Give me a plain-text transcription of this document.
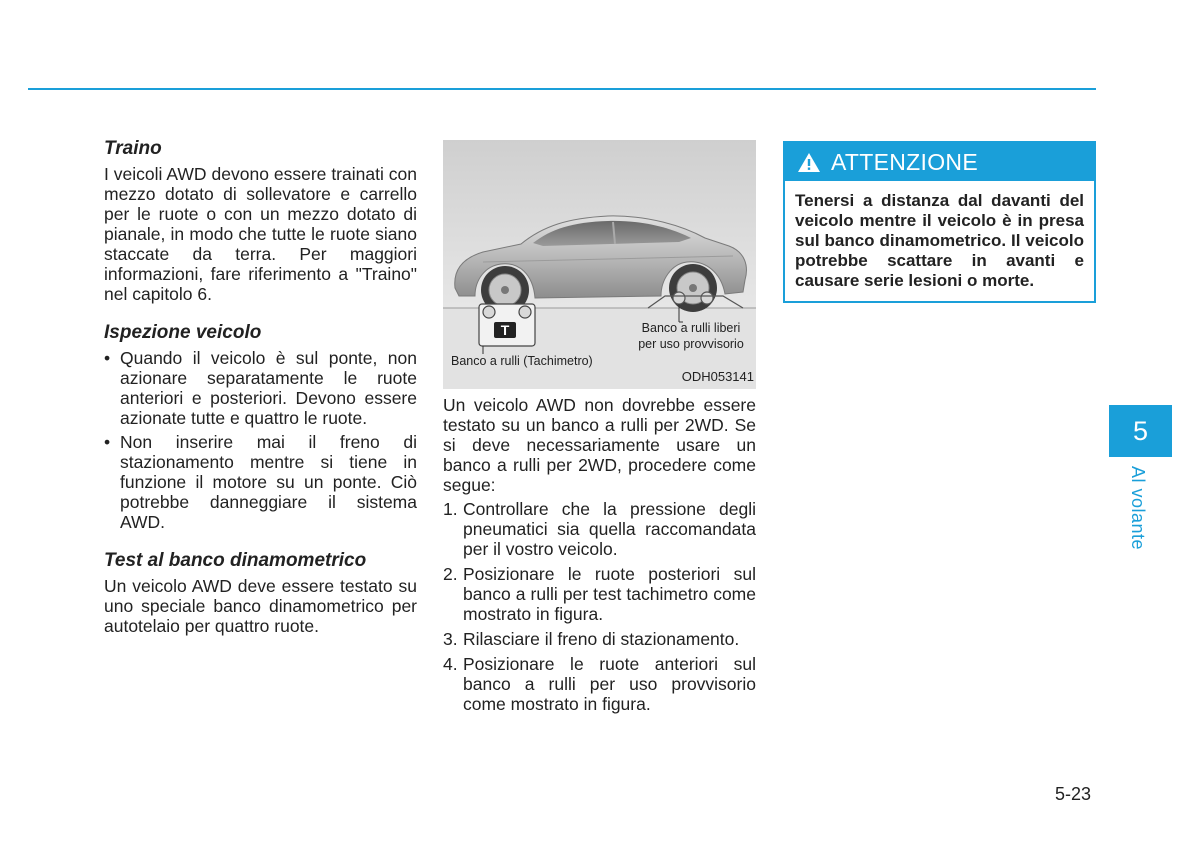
Traino

I veicoli AWD devono essere trainati con mezzo dotato di sollevatore e carrello per le ruote o con un mezzo dotato di pianale, in modo che tutte le ruote siano staccate da terra. Per maggiori informazioni, fare riferimento a "Traino" nel capitolo 6.

Ispezione veicolo
• Quando il veicolo è sul ponte, non azionare separatamente le ruote anteriori e posteriori. Devono essere azionate tutte e quattro le ruote.
• Non inserire mai il freno di stazionamento mentre si tiene in funzione il motore su un ponte. Ciò potrebbe danneggiare il sistema AWD.
Test al banco dinamometrico

Un veicolo AWD deve essere testato su uno speciale banco dinamometrico per autotelaio per quattro ruote.

T	Banco a rulli liberi per uso provvisorio
Banco a rulli (Tachimetro)
ODH053141

Un veicolo AWD non dovrebbe essere testato su un banco a rulli per 2WD. Se si deve necessariamente usare un banco a rulli per 2WD, procedere come segue:

1. Controllare che la pressione degli pneumatici sia quella raccomandata per il vostro veicolo.
2. Posizionare le ruote posteriori sul banco a rulli per test tachimetro come mostrato in figura.
3. Rilasciare il freno di stazionamento.
4. Posizionare le ruote anteriori sul banco a rulli per uso provvisorio come mostrato in figura.
ATTENZIONE
Tenersi a distanza dal davanti del veicolo mentre il veicolo è in presa sul banco dinamometrico. Il veicolo potrebbe scattare in avanti e causare serie lesioni o morte.
5
Al volante
5-23
